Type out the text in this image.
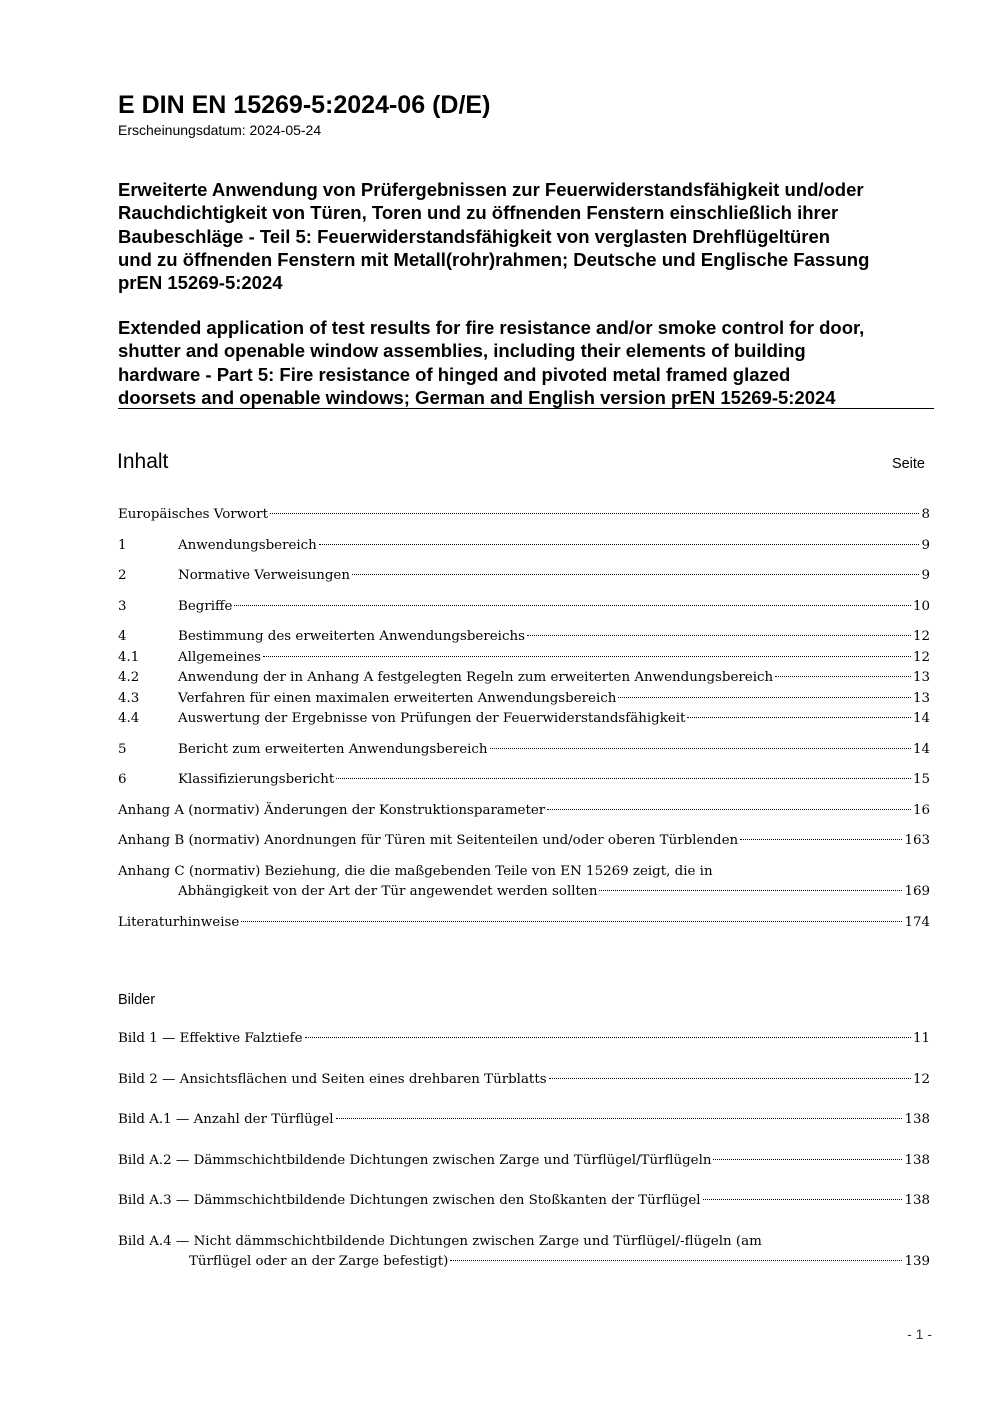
E DIN EN 15269-5:2024-06 (D/E)
Erscheinungsdatum: 2024-05-24
Erweiterte Anwendung von Prüfergebnissen zur Feuerwiderstandsfähigkeit und/oder
Rauchdichtigkeit von Türen, Toren und zu öffnenden Fenstern einschließlich ihrer
Baubeschläge - Teil 5: Feuerwiderstandsfähigkeit von verglasten Drehflügeltüren
und zu öffnenden Fenstern mit Metall(rohr)rahmen; Deutsche und Englische Fassung
prEN 15269-5:2024
Extended application of test results for fire resistance and/or smoke control for door,
shutter and openable window assemblies, including their elements of building
hardware - Part 5: Fire resistance of hinged and pivoted metal framed glazed
doorsets and openable windows; German and English version prEN 15269-5:2024
Inhalt	Seite
Europäisches Vorwort	8
1	Anwendungsbereich	9
2	Normative Verweisungen	9
3	Begriffe	10
4	Bestimmung des erweiterten Anwendungsbereichs	12
4.1	Allgemeines	12
4.2	Anwendung der in Anhang A festgelegten Regeln zum erweiterten Anwendungsbereich	13
4.3	Verfahren für einen maximalen erweiterten Anwendungsbereich	13
4.4	Auswertung der Ergebnisse von Prüfungen der Feuerwiderstandsfähigkeit	14
5	Bericht zum erweiterten Anwendungsbereich	14
6	Klassifizierungsbericht	15
Anhang A (normativ) Änderungen der Konstruktionsparameter	16
Anhang B (normativ) Anordnungen für Türen mit Seitenteilen und/oder oberen Türblenden	163
Anhang C (normativ) Beziehung, die die maßgebenden Teile von EN 15269 zeigt, die in
Abhängigkeit von der Art der Tür angewendet werden sollten	169
Literaturhinweise	174
Bilder
Bild 1 — Effektive Falztiefe	11
Bild 2 — Ansichtsflächen und Seiten eines drehbaren Türblatts	12
Bild A.1 — Anzahl der Türflügel	138
Bild A.2 — Dämmschichtbildende Dichtungen zwischen Zarge und Türflügel/Türflügeln	138
Bild A.3 — Dämmschichtbildende Dichtungen zwischen den Stoßkanten der Türflügel	138
Bild A.4 — Nicht dämmschichtbildende Dichtungen zwischen Zarge und Türflügel/-flügeln (am
Türflügel oder an der Zarge befestigt)	139
- 1 -
